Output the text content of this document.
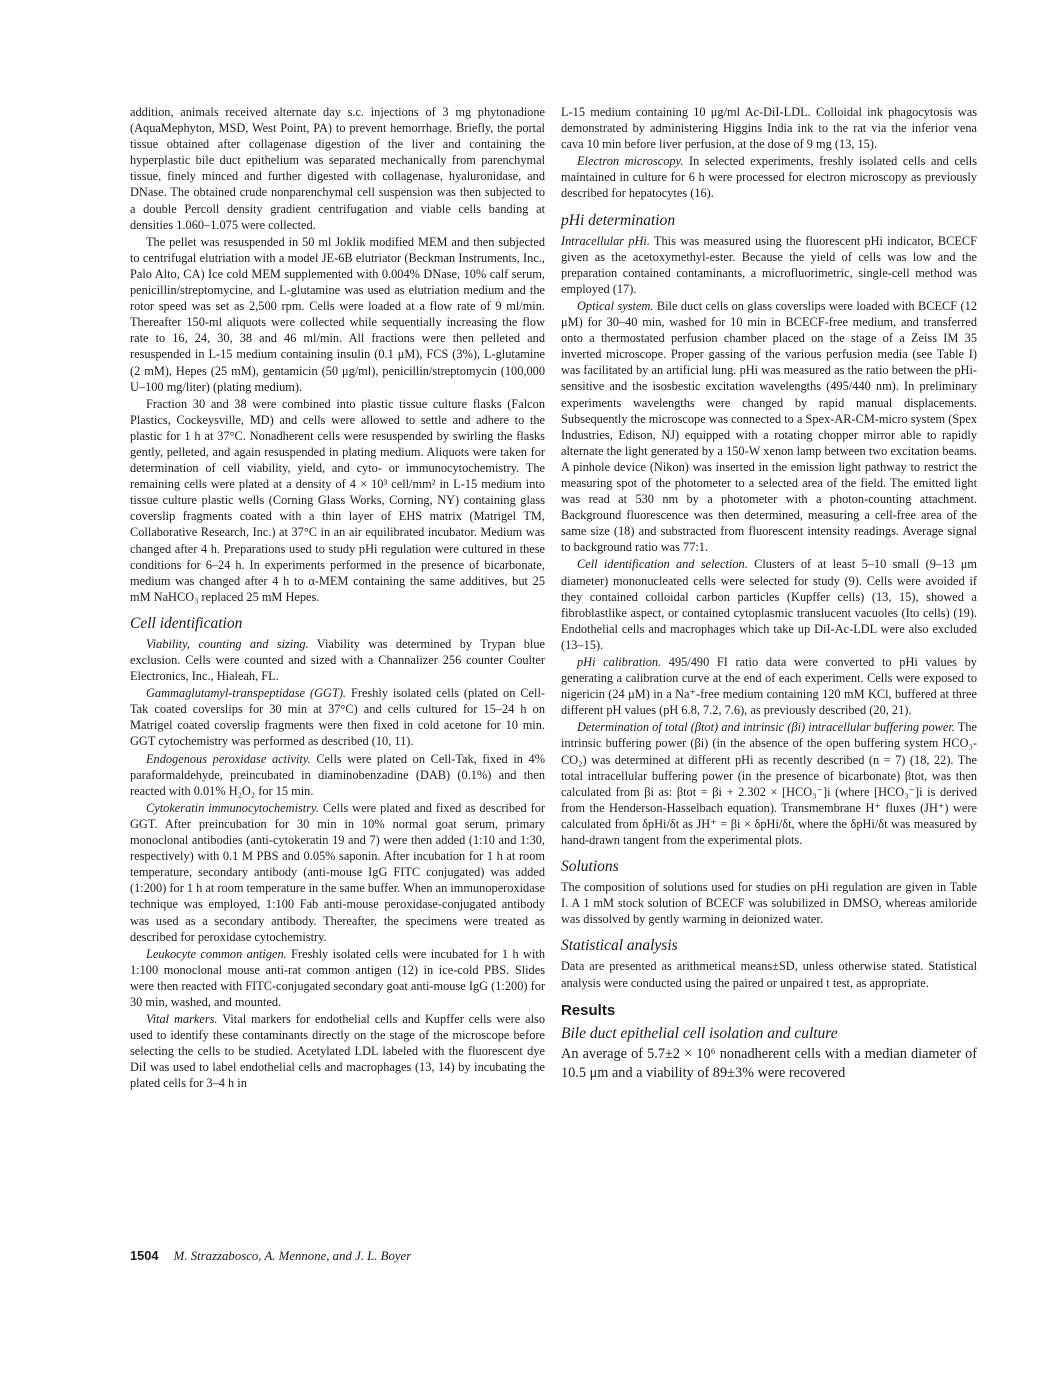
addition, animals received alternate day s.c. injections of 3 mg phytonadione (AquaMephyton, MSD, West Point, PA) to prevent hemorrhage. Briefly, the portal tissue obtained after collagenase digestion of the liver and containing the hyperplastic bile duct epithelium was separated mechanically from parenchymal tissue, finely minced and further digested with collagenase, hyaluronidase, and DNase. The obtained crude nonparenchymal cell suspension was then subjected to a double Percoll density gradient centrifugation and viable cells banding at densities 1.060–1.075 were collected.

The pellet was resuspended in 50 ml Joklik modified MEM and then subjected to centrifugal elutriation with a model JE-6B elutriator (Beckman Instruments, Inc., Palo Alto, CA) Ice cold MEM supplemented with 0.004% DNase, 10% calf serum, penicillin/streptomycine, and L-glutamine was used as elutriation medium and the rotor speed was set as 2,500 rpm. Cells were loaded at a flow rate of 9 ml/min. Thereafter 150-ml aliquots were collected while sequentially increasing the flow rate to 16, 24, 30, 38 and 46 ml/min. All fractions were then pelleted and resuspended in L-15 medium containing insulin (0.1 μM), FCS (3%), L-glutamine (2 mM), Hepes (25 mM), gentamicin (50 μg/ml), penicillin/streptomycin (100,000 U–100 mg/liter) (plating medium).

Fraction 30 and 38 were combined into plastic tissue culture flasks (Falcon Plastics, Cockeysville, MD) and cells were allowed to settle and adhere to the plastic for 1 h at 37°C. Nonadherent cells were resuspended by swirling the flasks gently, pelleted, and again resuspended in plating medium. Aliquots were taken for determination of cell viability, yield, and cyto- or immunocytochemistry. The remaining cells were plated at a density of 4 × 10³ cell/mm² in L-15 medium into tissue culture plastic wells (Corning Glass Works, Corning, NY) containing glass coverslip fragments coated with a thin layer of EHS matrix (Matrigel TM, Collaborative Research, Inc.) at 37°C in an air equilibrated incubator. Medium was changed after 4 h. Preparations used to study pHi regulation were cultured in these conditions for 6–24 h. In experiments performed in the presence of bicarbonate, medium was changed after 4 h to α-MEM containing the same additives, but 25 mM NaHCO₃ replaced 25 mM Hepes.

Cell identification

Viability, counting and sizing. Viability was determined by Trypan blue exclusion. Cells were counted and sized with a Channalizer 256 counter Coulter Electronics, Inc., Hialeah, FL.

Gammaglutamyl-transpeptidase (GGT). Freshly isolated cells (plated on Cell-Tak coated coverslips for 30 min at 37°C) and cells cultured for 15–24 h on Matrigel coated coverslip fragments were then fixed in cold acetone for 10 min. GGT cytochemistry was performed as described (10, 11).

Endogenous peroxidase activity. Cells were plated on Cell-Tak, fixed in 4% paraformaldehyde, preincubated in diaminobenzadine (DAB) (0.1%) and then reacted with 0.01% H₂O₂ for 15 min.

Cytokeratin immunocytochemistry. Cells were plated and fixed as described for GGT. After preincubation for 30 min in 10% normal goat serum, primary monoclonal antibodies (anti-cytokeratin 19 and 7) were then added (1:10 and 1:30, respectively) with 0.1 M PBS and 0.05% saponin. After incubation for 1 h at room temperature, secondary antibody (anti-mouse IgG FITC conjugated) was added (1:200) for 1 h at room temperature in the same buffer. When an immunoperoxidase technique was employed, 1:100 Fab anti-mouse peroxidase-conjugated antibody was used as a secondary antibody. Thereafter, the specimens were treated as described for peroxidase cytochemistry.

Leukocyte common antigen. Freshly isolated cells were incubated for 1 h with 1:100 monoclonal mouse anti-rat common antigen (12) in ice-cold PBS. Slides were then reacted with FITC-conjugated secondary goat anti-mouse IgG (1:200) for 30 min, washed, and mounted.

Vital markers. Vital markers for endothelial cells and Kupffer cells were also used to identify these contaminants directly on the stage of the microscope before selecting the cells to be studied. Acetylated LDL labeled with the fluorescent dye DiI was used to label endothelial cells and macrophages (13, 14) by incubating the plated cells for 3–4 h in

L-15 medium containing 10 μg/ml Ac-DiI-LDL. Colloidal ink phagocytosis was demonstrated by administering Higgins India ink to the rat via the inferior vena cava 10 min before liver perfusion, at the dose of 9 mg (13, 15).

Electron microscopy. In selected experiments, freshly isolated cells and cells maintained in culture for 6 h were processed for electron microscopy as previously described for hepatocytes (16).

pHi determination

Intracellular pHi. This was measured using the fluorescent pHi indicator, BCECF given as the acetoxymethyl-ester. Because the yield of cells was low and the preparation contained contaminants, a microfluorimetric, single-cell method was employed (17).

Optical system. Bile duct cells on glass coverslips were loaded with BCECF (12 μM) for 30–40 min, washed for 10 min in BCECF-free medium, and transferred onto a thermostated perfusion chamber placed on the stage of a Zeiss IM 35 inverted microscope. Proper gassing of the various perfusion media (see Table I) was facilitated by an artificial lung. pHi was measured as the ratio between the pHi-sensitive and the isosbestic excitation wavelengths (495/440 nm). In preliminary experiments wavelengths were changed by rapid manual displacements. Subsequently the microscope was connected to a Spex-AR-CM-micro system (Spex Industries, Edison, NJ) equipped with a rotating chopper mirror able to rapidly alternate the light generated by a 150-W xenon lamp between two excitation beams. A pinhole device (Nikon) was inserted in the emission light pathway to restrict the measuring spot of the photometer to a selected area of the field. The emitted light was read at 530 nm by a photometer with a photon-counting attachment. Background fluorescence was then determined, measuring a cell-free area of the same size (18) and substracted from fluorescent intensity readings. Average signal to background ratio was 77:1.

Cell identification and selection. Clusters of at least 5–10 small (9–13 μm diameter) mononucleated cells were selected for study (9). Cells were avoided if they contained colloidal carbon particles (Kupffer cells) (13, 15), showed a fibroblastlike aspect, or contained cytoplasmic translucent vacuoles (Ito cells) (19). Endothelial cells and macrophages which take up DiI-Ac-LDL were also excluded (13–15).

pHi calibration. 495/490 FI ratio data were converted to pHi values by generating a calibration curve at the end of each experiment. Cells were exposed to nigericin (24 μM) in a Na⁺-free medium containing 120 mM KCl, buffered at three different pH values (pH 6.8, 7.2, 7.6), as previously described (20, 21).

Determination of total (βtot) and intrinsic (βi) intracellular buffering power. The intrinsic buffering power (βi) (in the absence of the open buffering system HCO₃-CO₂) was determined at different pHi as recently described (n = 7) (18, 22). The total intracellular buffering power (in the presence of bicarbonate) βtot, was then calculated from βi as: βtot = βi + 2.302 × [HCO₃⁻]i (where [HCO₃⁻]i is derived from the Henderson-Hasselbach equation). Transmembrane H⁺ fluxes (JH⁺) were calculated from δpHi/δt as JH⁺ = βi × δpHi/δt, where the δpHi/δt was measured by hand-drawn tangent from the experimental plots.

Solutions

The composition of solutions used for studies on pHi regulation are given in Table I. A 1 mM stock solution of BCECF was solubilized in DMSO, whereas amiloride was dissolved by gently warming in deionized water.

Statistical analysis

Data are presented as arithmetical means±SD, unless otherwise stated. Statistical analysis were conducted using the paired or unpaired t test, as appropriate.

Results
Bile duct epithelial cell isolation and culture

An average of 5.7±2 × 10⁶ nonadherent cells with a median diameter of 10.5 μm and a viability of 89±3% were recovered

1504 M. Strazzabosco, A. Mennone, and J. L. Boyer
